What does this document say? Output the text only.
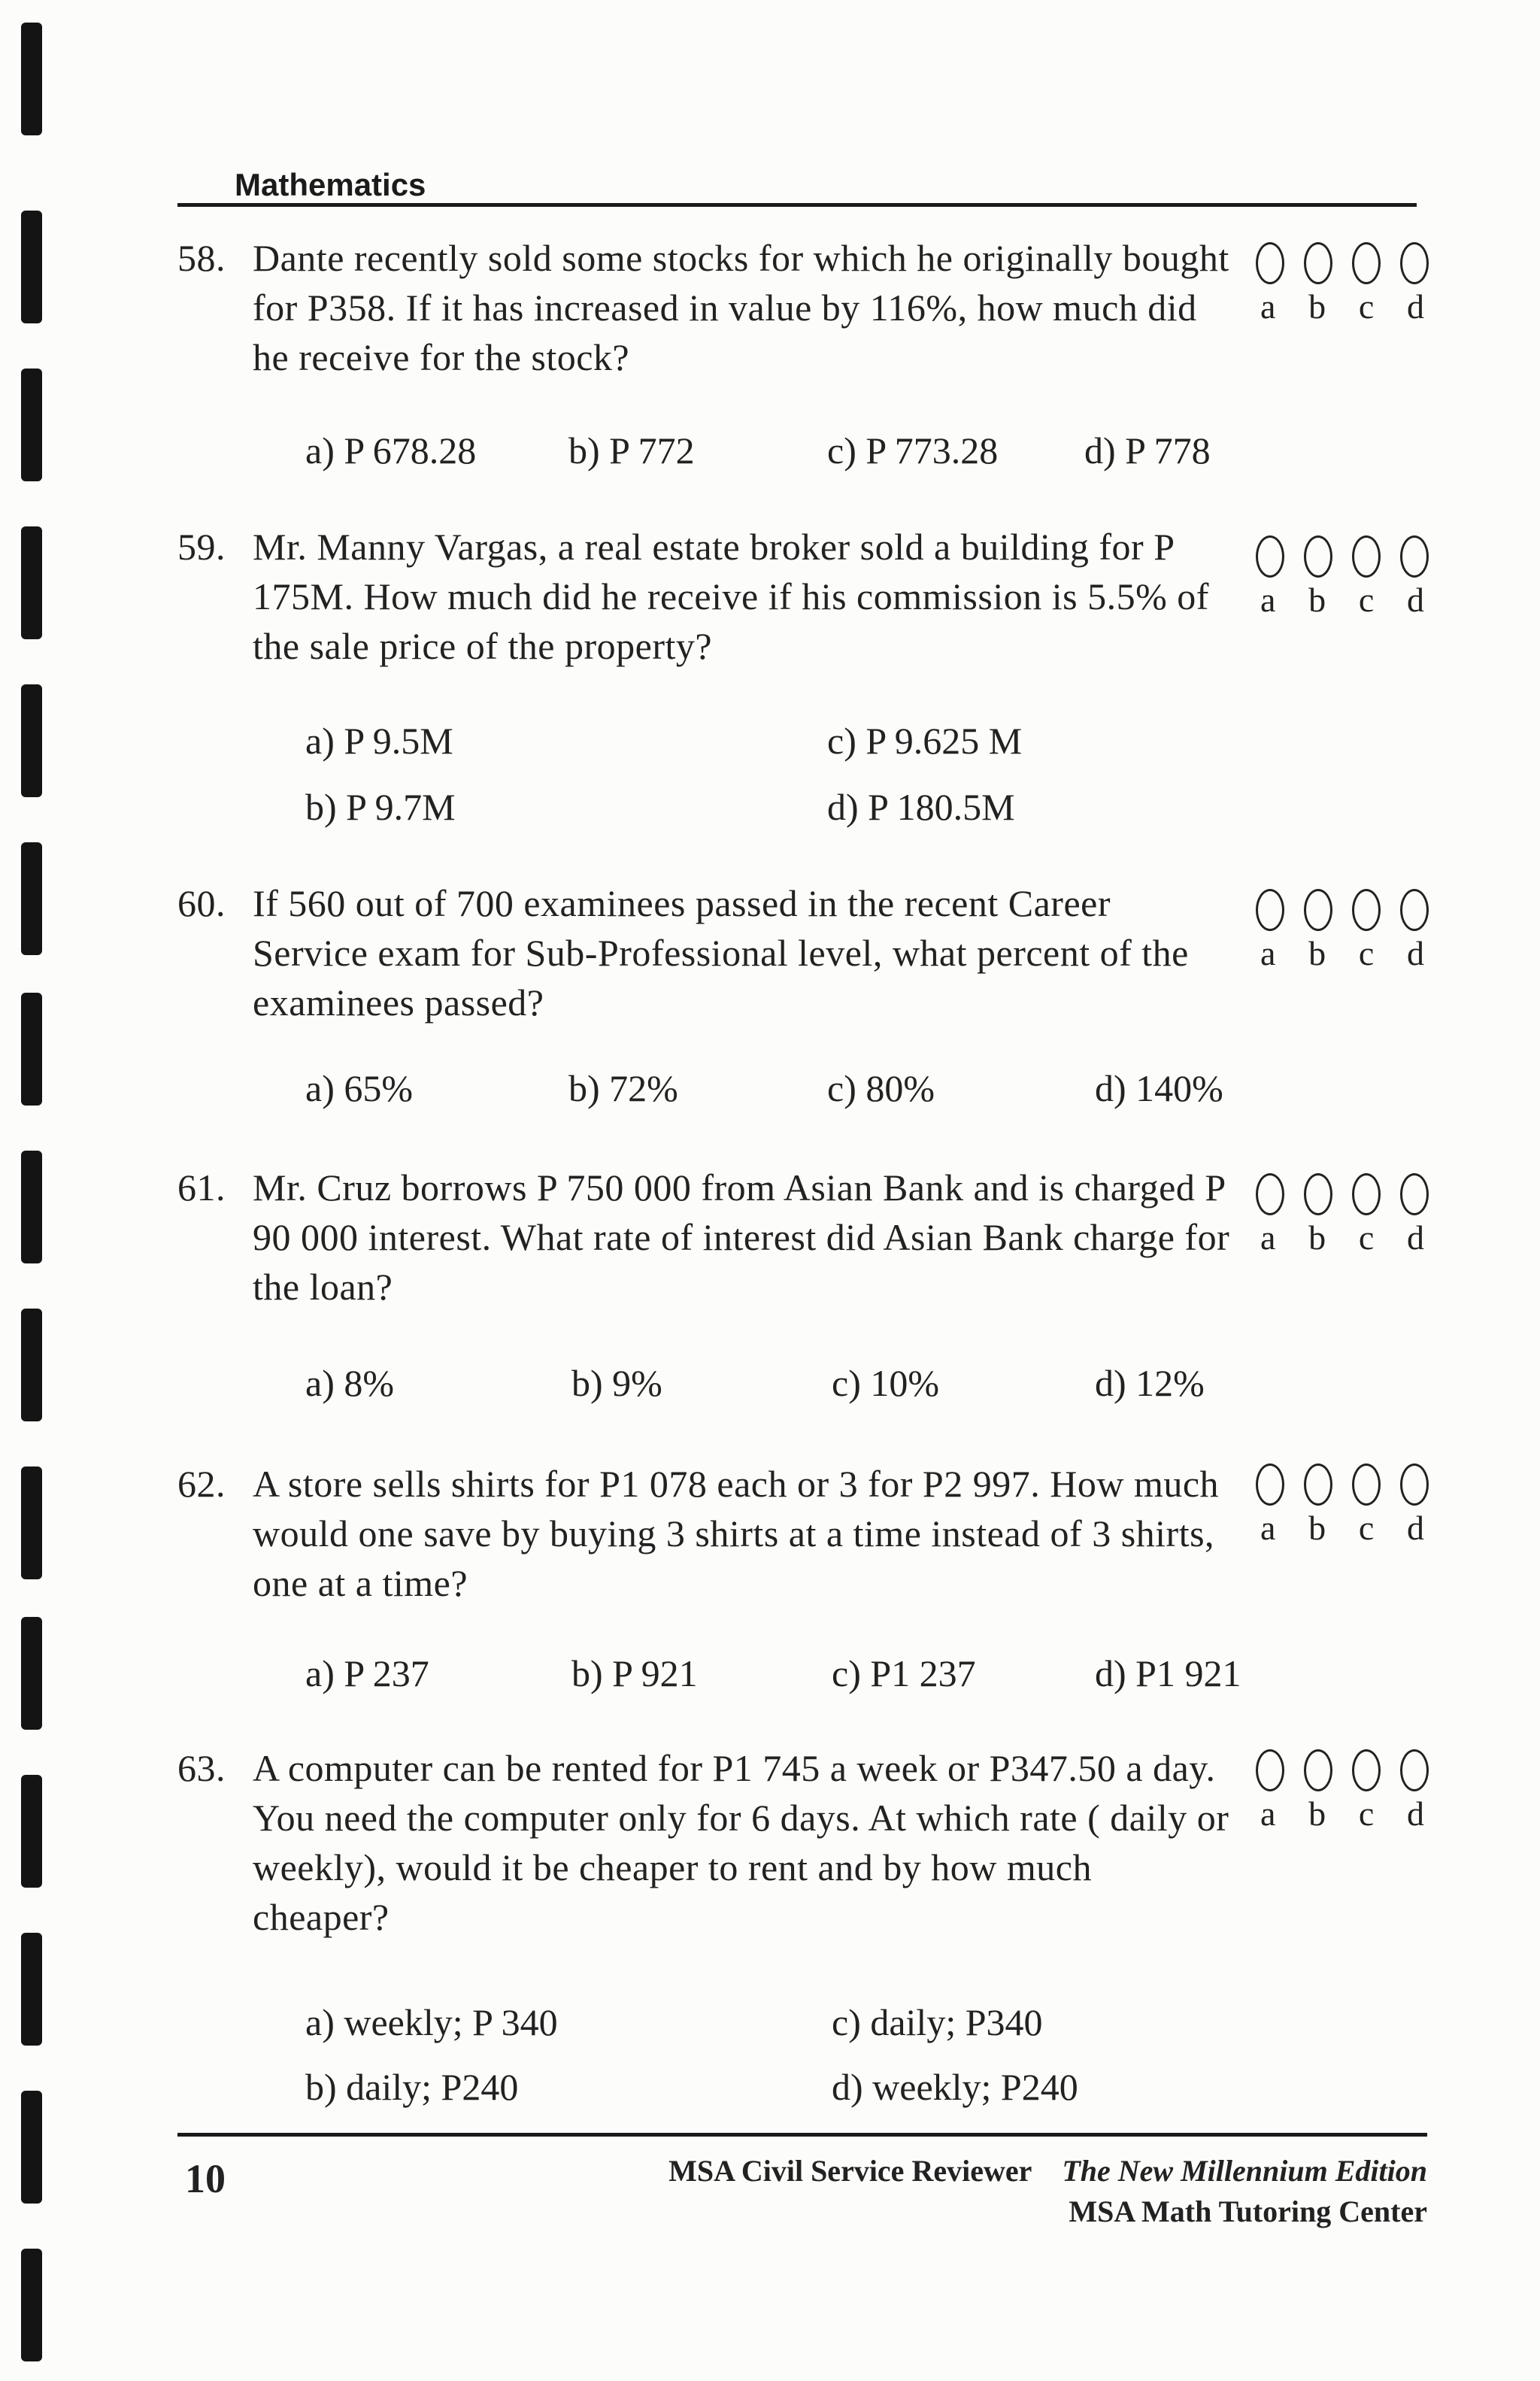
Mathematics
58. Dante recently sold some stocks for which he originally bought for P358. If it has increased in value by 116%, how much did he receive for the stock?
a b c d
a) P 678.28 b) P 772	c) P 773.28 d) P 778
59. Mr. Manny Vargas, a real estate broker sold a building for P 175M. How much did he receive if his commission is 5.5% of the sale price of the property?
a b c d
a) P 9.5M	c) P 9.625 M
b) P 9.7M	d) P 180.5M
60. If 560 out of 700 examinees passed in the recent Career Service exam for Sub-Professional level, what percent of the examinees passed?
a b c d
a) 65%	b) 72%	c) 80%	d) 140%
61. Mr. Cruz borrows P 750 000 from Asian Bank and is charged P 90 000 interest. What rate of interest did Asian Bank charge for the loan?
a b c d
a) 8%	b) 9%	c) 10%	d) 12%
62. A store sells shirts for P1 078 each or 3 for P2 997. How much would one save by buying 3 shirts at a time instead of 3 shirts, one at a time?
a b c d
a) P 237	b) P 921	c) P1 237	d) P1 921
63. A computer can be rented for P1 745 a week or P347.50 a day. You need the computer only for 6 days. At which rate ( daily or weekly), would it be cheaper to rent and by how much cheaper?
a b c d
a) weekly; P 340	c) daily; P340
b) daily; P240	d) weekly; P240
10	MSA Civil Service Reviewer The New Millennium Edition
MSA Math Tutoring Center
